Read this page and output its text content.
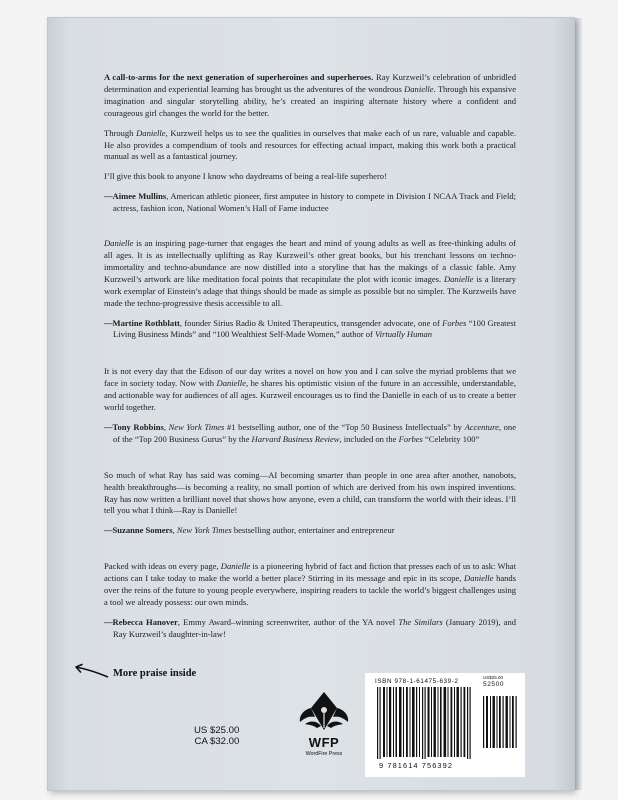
A call-to-arms for the next generation of superheroines and superheroes. Ray Kurzweil’s celebration of unbridled determination and experiential learning has brought us the adventures of the wondrous Danielle. Through his expansive imagination and singular storytelling ability, he’s created an inspiring alternate history where a confident and courageous girl changes the world for the better.

Through Danielle, Kurzweil helps us to see the qualities in ourselves that make each of us rare, valuable and capable. He also provides a compendium of tools and resources for effecting actual impact, making this work both a practical manual as well as a fantastical journey.

I’ll give this book to anyone I know who daydreams of being a real-life superhero!

—Aimee Mullins, American athletic pioneer, first amputee in history to compete in Division I NCAA Track and Field; actress, fashion icon, National Women’s Hall of Fame inductee

Danielle is an inspiring page-turner that engages the heart and mind of young adults as well as free-thinking adults of all ages. It is as intellectually uplifting as Ray Kurzweil’s other great books, but his trenchant lessons on techno-immortality and techno-abundance are now distilled into a storyline that has the makings of a classic fable. Amy Kurzweil’s artwork are like meditation focal points that recapitulate the plot with iconic images. Danielle is a literary work exemplar of Einstein’s adage that things should be made as simple as possible but no simpler. The Kurzweils have made the techno-progressive thesis accessible to all.

—Martine Rothblatt, founder Sirius Radio & United Therapeutics, transgender advocate, one of Forbes “100 Greatest Living Business Minds” and “100 Wealthiest Self-Made Women,” author of Virtually Human

It is not every day that the Edison of our day writes a novel on how you and I can solve the myriad problems that we face in society today. Now with Danielle, he shares his optimistic vision of the future in an accessible, understandable, and actionable way for audiences of all ages. Kurzweil encourages us to find the Danielle in each of us to create a better world together.

—Tony Robbins, New York Times #1 bestselling author, one of the “Top 50 Business Intellectuals” by Accenture, one of the “Top 200 Business Gurus” by the Harvard Business Review, included on the Forbes “Celebrity 100”

So much of what Ray has said was coming—AI becoming smarter than people in one area after another, nanobots, health breakthroughs—is becoming a reality, no small portion of which are derived from his own inspired inventions. Ray has now written a brilliant novel that shows how anyone, even a child, can transform the world with their ideas. I’ll tell you what I think—Ray is Danielle!

—Suzanne Somers, New York Times bestselling author, entertainer and entrepreneur

Packed with ideas on every page, Danielle is a pioneering hybrid of fact and fiction that presses each of us to ask: What actions can I take today to make the world a better place? Stirring in its message and epic in its scope, Danielle hands over the reins of the future to young people everywhere, inspiring readers to tackle the world’s biggest challenges using a tool we already possess: our own minds.

—Rebecca Hanover, Emmy Award–winning screenwriter, author of the YA novel The Similars (January 2019), and Ray Kurzweil’s daughter-in-law!

More praise inside
US $25.00
CA $32.00	WFP
WordFire Press
ISBN 978-1-61475-639-2
US$25.00
52500
9 781614 756392
